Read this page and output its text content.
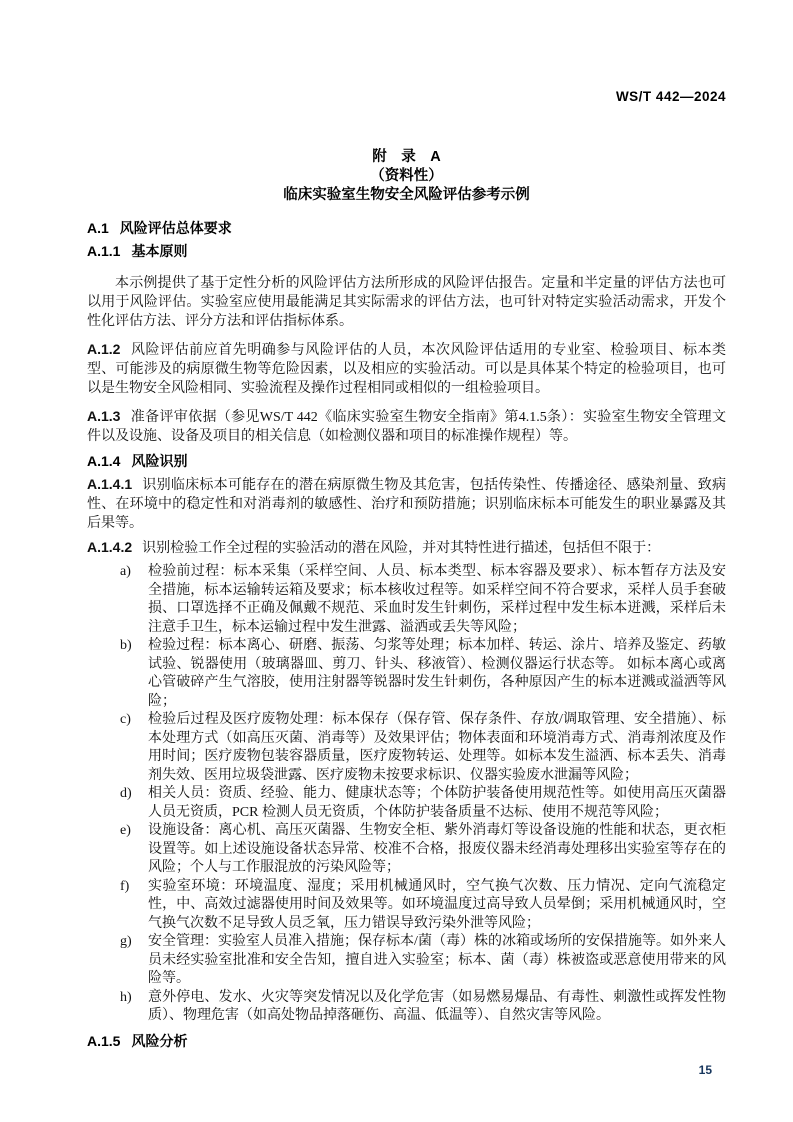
WS/T 442—2024
附　录　A
（资料性）
临床实验室生物安全风险评估参考示例
A.1 风险评估总体要求
A.1.1 基本原则
本示例提供了基于定性分析的风险评估方法所形成的风险评估报告。定量和半定量的评估方法也可以用于风险评估。实验室应使用最能满足其实际需求的评估方法，也可针对特定实验活动需求，开发个性化评估方法、评分方法和评估指标体系。
A.1.2 风险评估前应首先明确参与风险评估的人员，本次风险评估适用的专业室、检验项目、标本类型、可能涉及的病原微生物等危险因素，以及相应的实验活动。可以是具体某个特定的检验项目，也可以是生物安全风险相同、实验流程及操作过程相同或相似的一组检验项目。
A.1.3 准备评审依据（参见WS/T 442《临床实验室生物安全指南》第4.1.5条）：实验室生物安全管理文件以及设施、设备及项目的相关信息（如检测仪器和项目的标准操作规程）等。
A.1.4 风险识别
A.1.4.1 识别临床标本可能存在的潜在病原微生物及其危害，包括传染性、传播途径、感染剂量、致病性、在环境中的稳定性和对消毒剂的敏感性、治疗和预防措施；识别临床标本可能发生的职业暴露及其后果等。
A.1.4.2 识别检验工作全过程的实验活动的潜在风险，并对其特性进行描述，包括但不限于：
a)	检验前过程：标本采集（采样空间、人员、标本类型、标本容器及要求）、标本暂存方法及安全措施，标本运输转运箱及要求；标本核收过程等。如采样空间不符合要求，采样人员手套破损、口罩选择不正确及佩戴不规范、采血时发生针刺伤，采样过程中发生标本迸溅，采样后未注意手卫生，标本运输过程中发生泄露、溢洒或丢失等风险；
b)	检验过程：标本离心、研磨、振荡、匀浆等处理；标本加样、转运、涂片、培养及鉴定、药敏试验、锐器使用（玻璃器皿、剪刀、针头、移液管）、检测仪器运行状态等。 如标本离心或离心管破碎产生气溶胶，使用注射器等锐器时发生针刺伤，各种原因产生的标本迸溅或溢洒等风险；
c)	检验后过程及医疗废物处理：标本保存（保存管、保存条件、存放/调取管理、安全措施）、标本处理方式（如高压灭菌、消毒等）及效果评估；物体表面和环境消毒方式、消毒剂浓度及作用时间；医疗废物包装容器质量，医疗废物转运、处理等。如标本发生溢洒、标本丢失、消毒剂失效、医用垃圾袋泄露、医疗废物未按要求标识、仪器实验废水泄漏等风险；
d)	相关人员：资质、经验、能力、健康状态等；个体防护装备使用规范性等。如使用高压灭菌器人员无资质，PCR 检测人员无资质，个体防护装备质量不达标、使用不规范等风险；
e)	设施设备：离心机、高压灭菌器、生物安全柜、紫外消毒灯等设备设施的性能和状态，更衣柜设置等。如上述设施设备状态异常、校准不合格，报废仪器未经消毒处理移出实验室等存在的风险；个人与工作服混放的污染风险等；
f)	实验室环境：环境温度、湿度；采用机械通风时，空气换气次数、压力情况、定向气流稳定性，中、高效过滤器使用时间及效果等。如环境温度过高导致人员晕倒；采用机械通风时，空气换气次数不足导致人员乏氧，压力错误导致污染外泄等风险；
g)	安全管理：实验室人员准入措施；保存标本/菌（毒）株的冰箱或场所的安保措施等。如外来人员未经实验室批准和安全告知，擅自进入实验室；标本、菌（毒）株被盗或恶意使用带来的风险等。
h)	意外停电、发水、火灾等突发情况以及化学危害（如易燃易爆品、有毒性、刺激性或挥发性物质）、物理危害（如高处物品掉落砸伤、高温、低温等）、自然灾害等风险。
A.1.5 风险分析
15
